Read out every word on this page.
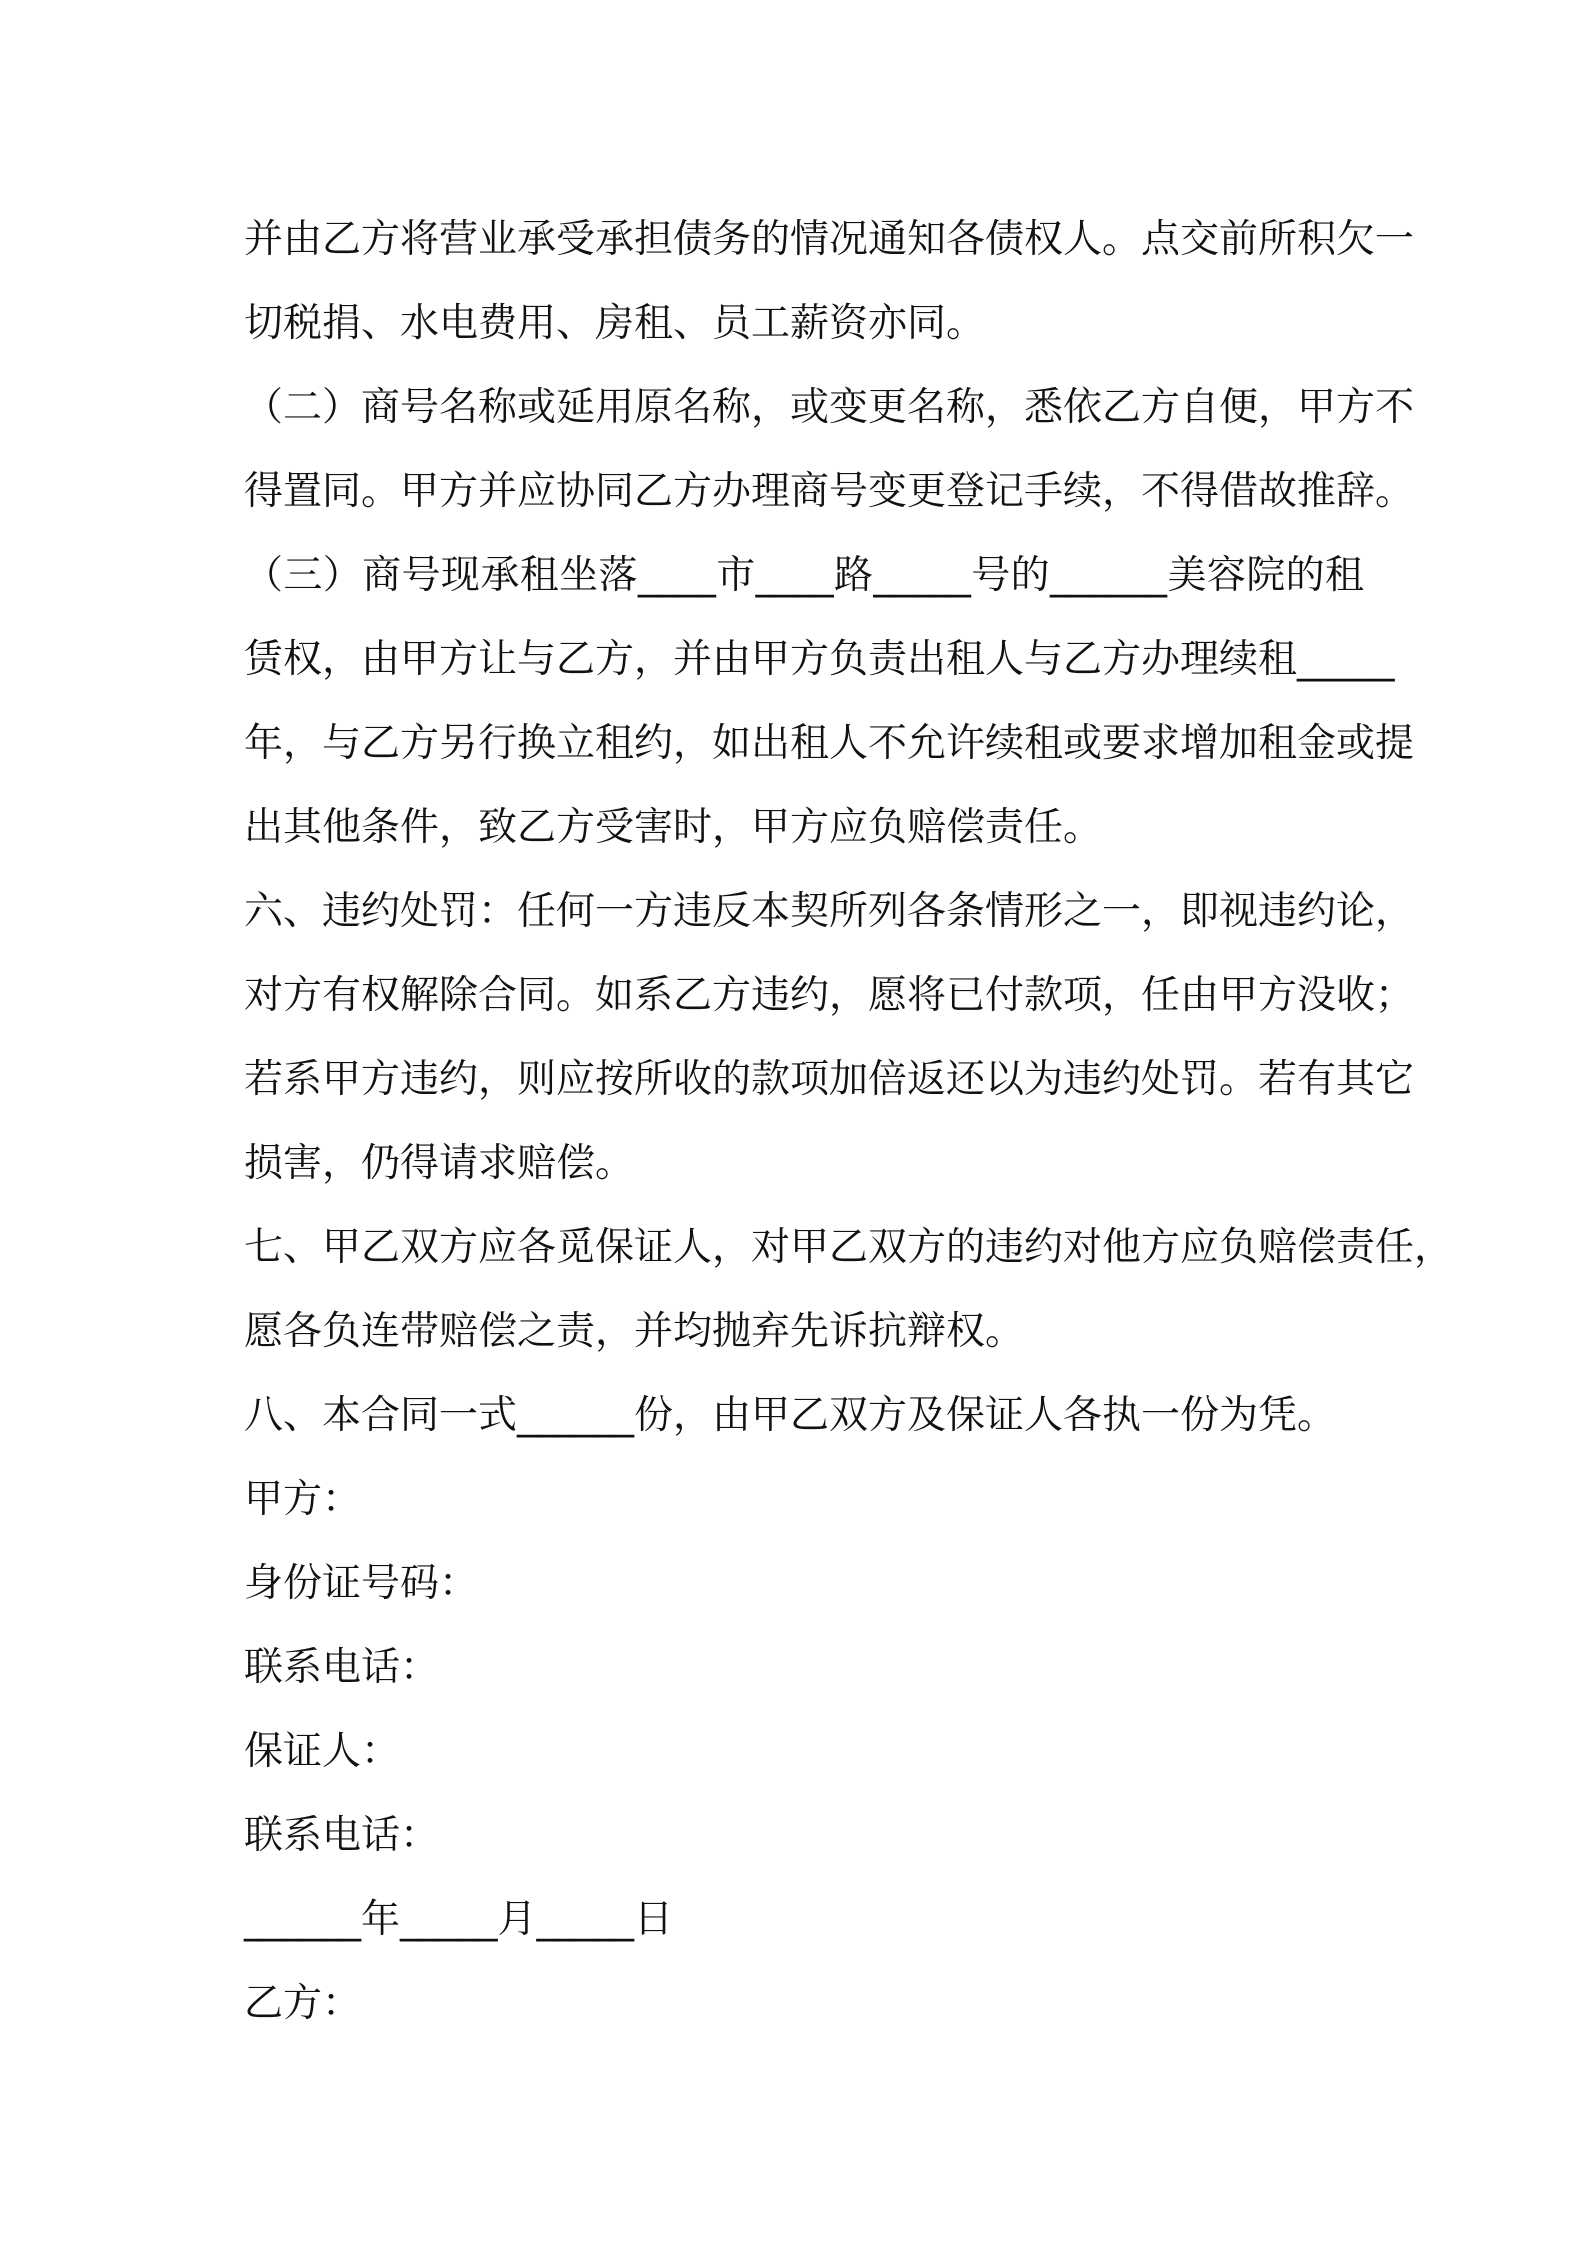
并由乙方将营业承受承担债务的情况通知各债权人。点交前所积欠一
切税捐、水电费用、房租、员工薪资亦同。
（二）商号名称或延用原名称，或变更名称，悉依乙方自便，甲方不
得置同。甲方并应协同乙方办理商号变更登记手续，不得借故推辞。
（三）商号现承租坐落____市____路_____号的______美容院的租
赁权，由甲方让与乙方，并由甲方负责出租人与乙方办理续租_____
年，与乙方另行换立租约，如出租人不允许续租或要求增加租金或提
出其他条件，致乙方受害时，甲方应负赔偿责任。
六、违约处罚：任何一方违反本契所列各条情形之一，即视违约论，
对方有权解除合同。如系乙方违约，愿将已付款项，任由甲方没收；
若系甲方违约，则应按所收的款项加倍返还以为违约处罚。若有其它
损害，仍得请求赔偿。
七、甲乙双方应各觅保证人，对甲乙双方的违约对他方应负赔偿责任，
愿各负连带赔偿之责，并均抛弃先诉抗辩权。
八、本合同一式______份，由甲乙双方及保证人各执一份为凭。
甲方：
身份证号码：
联系电话：
保证人：
联系电话：
______年_____月_____日
乙方：
